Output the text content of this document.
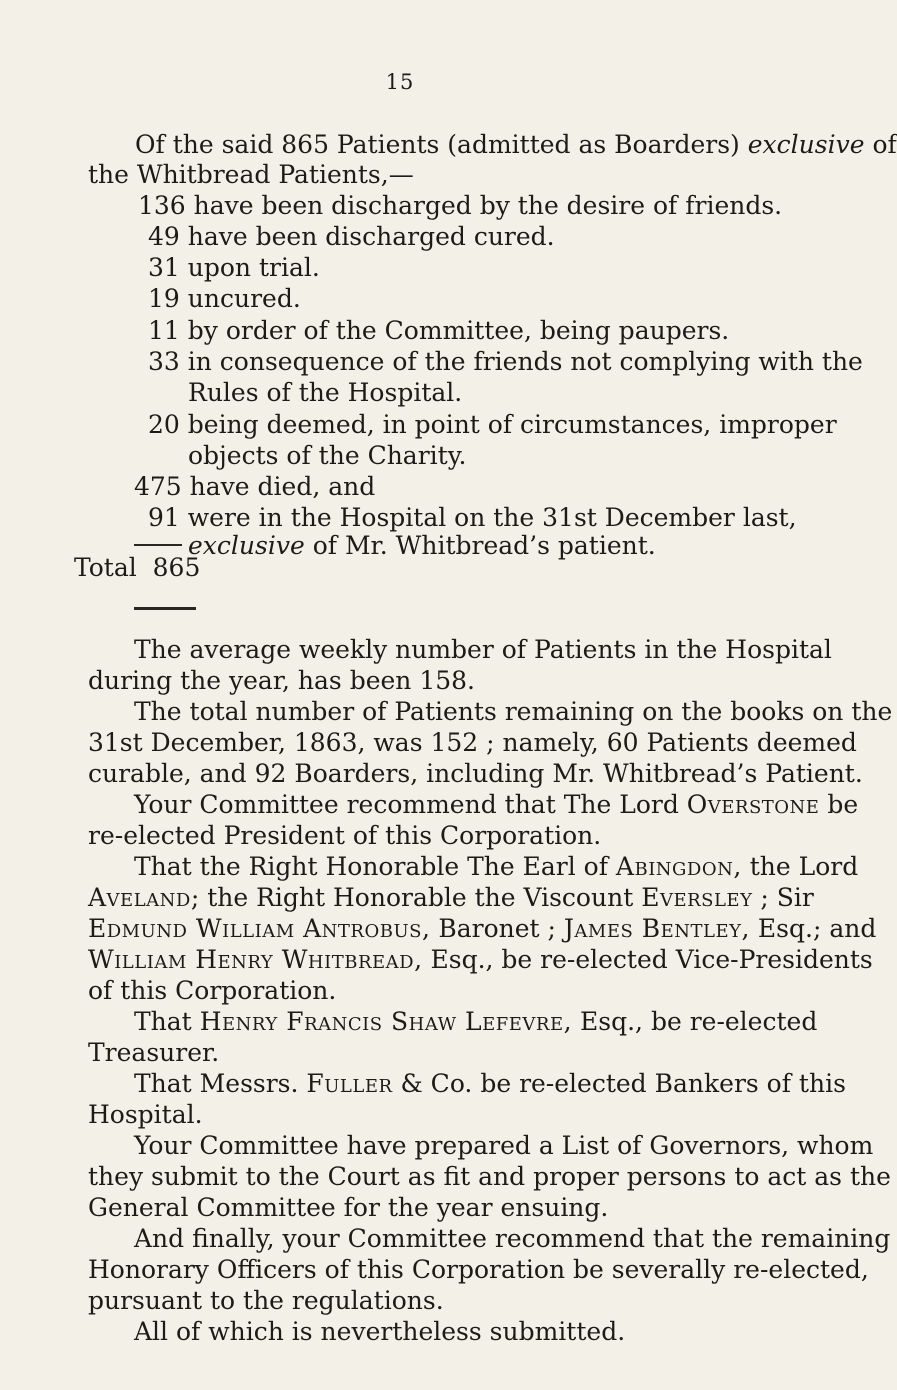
15
Of the said 865 Patients (admitted as Boarders) exclusive of
the Whitbread Patients,—
136 have been discharged by the desire of friends.
49 have been discharged cured.
31 upon trial.
19 uncured.
11 by order of the Committee, being paupers.
33 in consequence of the friends not complying with the
Rules of the Hospital.
20 being deemed, in point of circumstances, improper
objects of the Charity.
475 have died, and
91 were in the Hospital on the 31st December last,
exclusive of Mr. Whitbread’s patient.
Total 865
The average weekly number of Patients in the Hospital
during the year, has been 158.
The total number of Patients remaining on the books on the
31st December, 1863, was 152 ; namely, 60 Patients deemed
curable, and 92 Boarders, including Mr. Whitbread’s Patient.
Your Committee recommend that The Lord Overstone be
re-elected President of this Corporation.
That the Right Honorable The Earl of Abingdon, the Lord
Aveland; the Right Honorable the Viscount Eversley ; Sir
Edmund William Antrobus, Baronet ; James Bentley, Esq.; and
William Henry Whitbread, Esq., be re-elected Vice-Presidents
of this Corporation.
That Henry Francis Shaw Lefevre, Esq., be re-elected
Treasurer.
That Messrs. Fuller & Co. be re-elected Bankers of this
Hospital.
Your Committee have prepared a List of Governors, whom
they submit to the Court as fit and proper persons to act as the
General Committee for the year ensuing.
And finally, your Committee recommend that the remaining
Honorary Officers of this Corporation be severally re-elected,
pursuant to the regulations.
All of which is nevertheless submitted.
